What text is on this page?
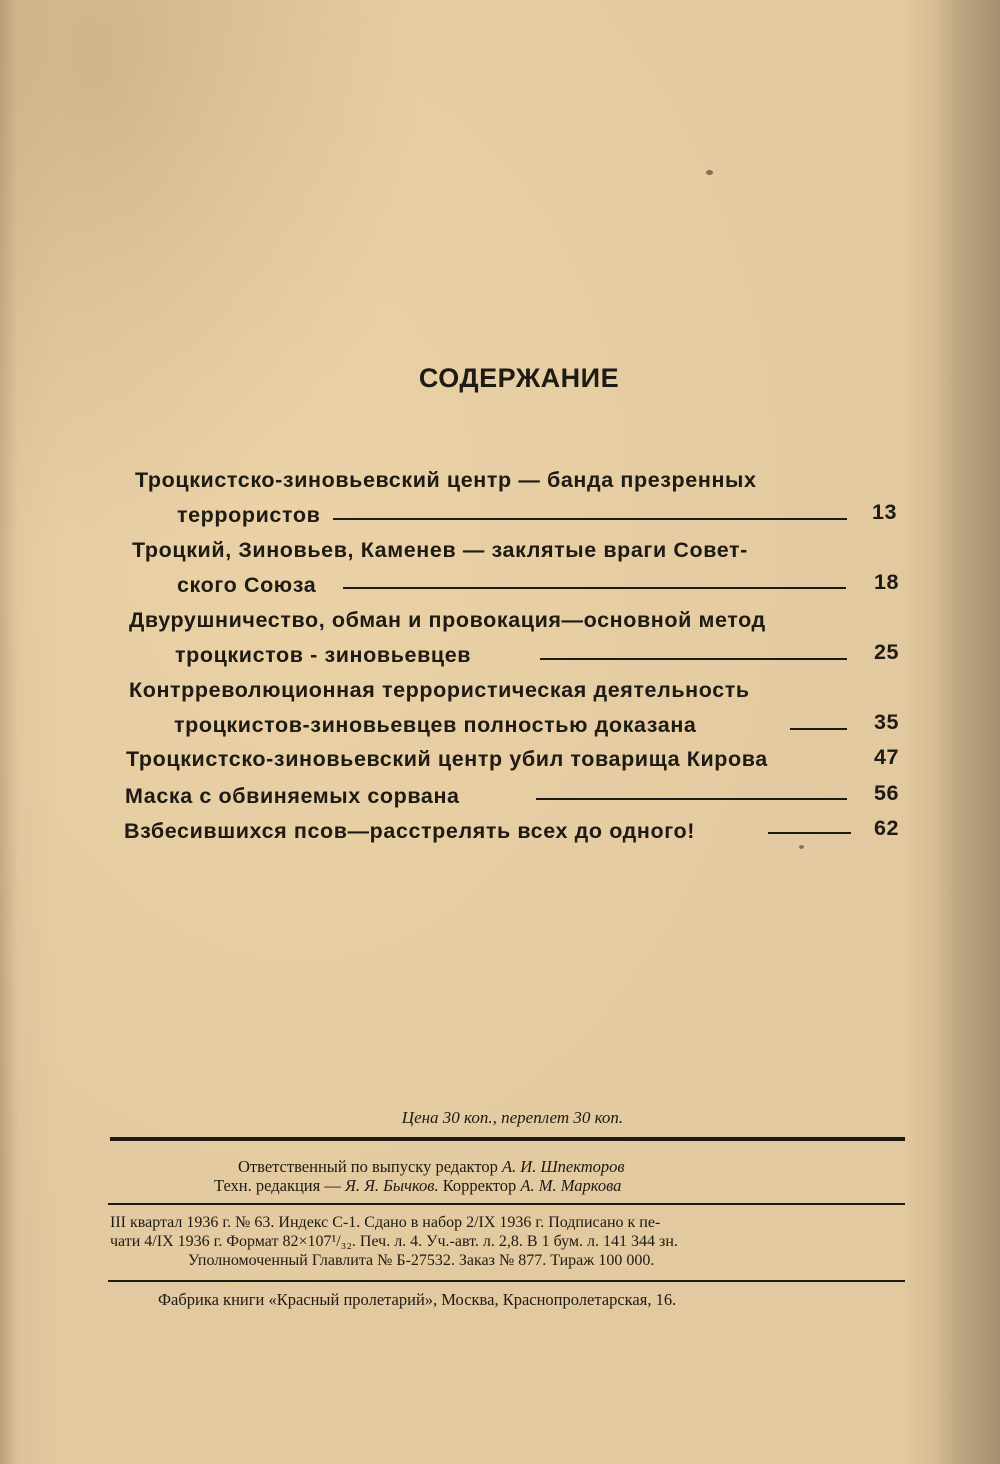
СОДЕРЖАНИЕ
Троцкистско-зиновьевский центр — банда презренных
террористов	13
Троцкий, Зиновьев, Каменев — заклятые враги Совет-
ского Союза	18
Двурушничество, обман и провокация—основной метод
троцкистов - зиновьевцев	25
Контрреволюционная террористическая деятельность
троцкистов-зиновьевцев полностью доказана	35
Троцкистско-зиновьевский центр убил товарища Кирова	47
Маска с обвиняемых сорвана	56
Взбесившихся псов—расстрелять всех до одного!	62
Цена 30 коп., переплет 30 коп.
Ответственный по выпуску редактор А. И. Шпекторов
Техн. редакция — Я. Я. Бычков. Корректор А. М. Маркова
III квартал 1936 г. № 63. Индекс С-1. Сдано в набор 2/IX 1936 г. Подписано к пе-
чати 4/IX 1936 г. Формат 82×107¹/₃₂. Печ. л. 4. Уч.-авт. л. 2,8. В 1 бум. л. 141 344 зн.
Уполномоченный Главлита № Б-27532. Заказ № 877. Тираж 100 000.
Фабрика книги «Красный пролетарий», Москва, Краснопролетарская, 16.
